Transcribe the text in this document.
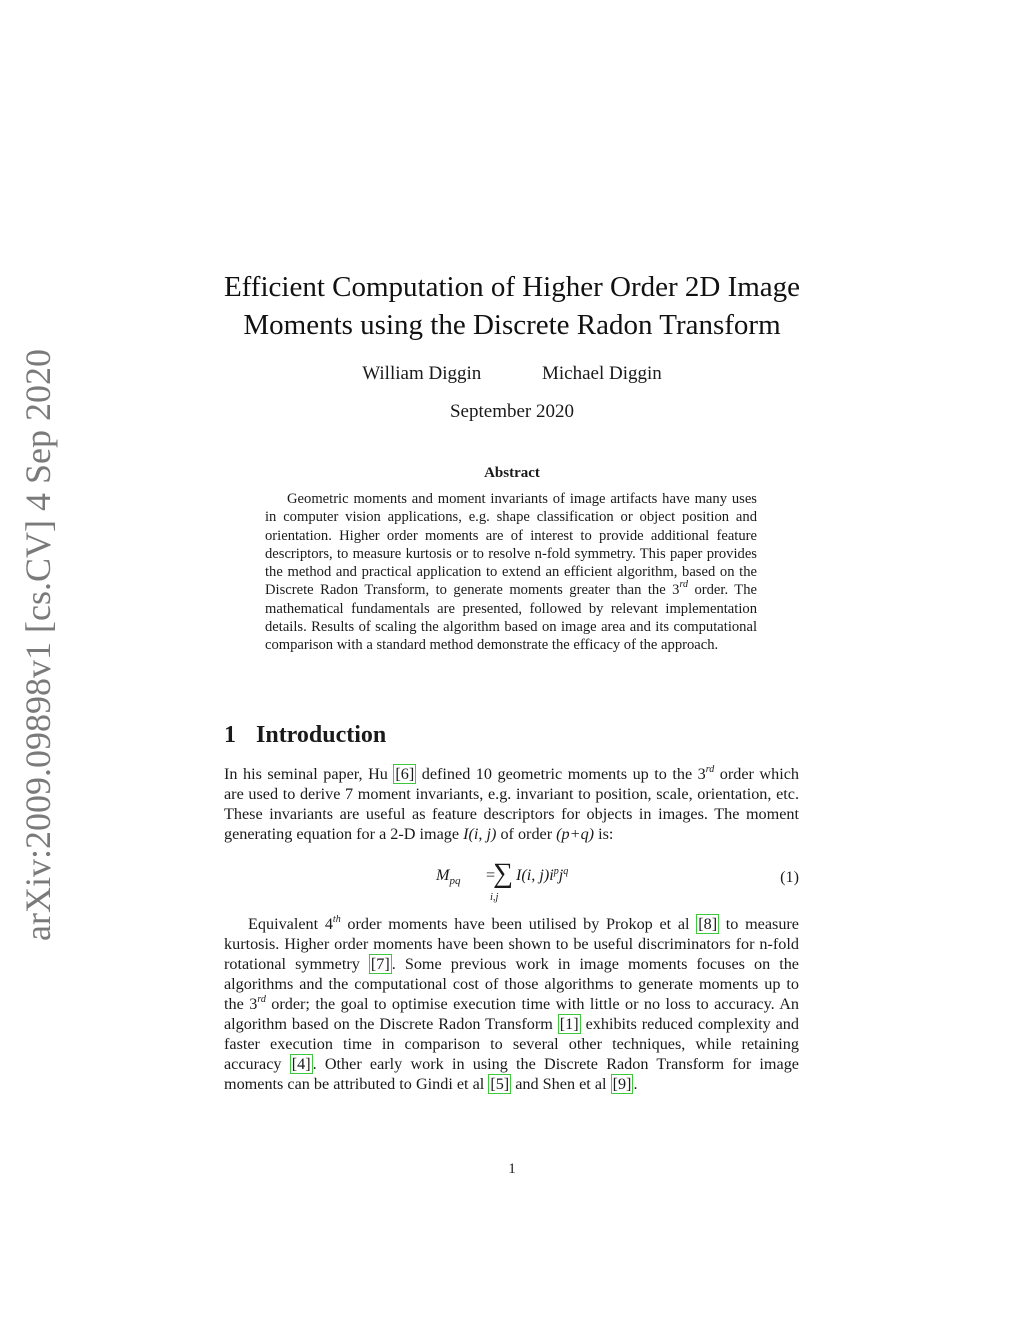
arXiv:2009.09898v1 [cs.CV] 4 Sep 2020
Efficient Computation of Higher Order 2D Image
Moments using the Discrete Radon Transform
William Diggin	Michael Diggin
September 2020
Abstract
Geometric moments and moment invariants of image artifacts have many uses in computer vision applications, e.g. shape classification or object position and orientation. Higher order moments are of interest to provide additional feature descriptors, to measure kurtosis or to resolve n-fold symmetry. This paper provides the method and practical application to extend an efficient algorithm, based on the Discrete Radon Transform, to generate moments greater than the 3rd order. The mathematical fundamentals are presented, followed by relevant implementation details. Results of scaling the algorithm based on image area and its computational comparison with a standard method demonstrate the efficacy of the approach.
1 Introduction
In his seminal paper, Hu [6] defined 10 geometric moments up to the 3rd order which are used to derive 7 moment invariants, e.g. invariant to position, scale, orientation, etc. These invariants are useful as feature descriptors for objects in images. The moment generating equation for a 2-D image I(i, j) of order (p+q) is:
$M_{pq}$ =
∑
i,j
I(i, $j)i^pj^q$	(1)
Equivalent 4th order moments have been utilised by Prokop et al [8] to measure kurtosis. Higher order moments have been shown to be useful discriminators for n-fold rotational symmetry [7] . Some previous work in image moments focuses on the algorithms and the computational cost of those algorithms to generate moments up to the 3rd order; the goal to optimise execution time with little or no loss to accuracy. An algorithm based on the Discrete Radon Transform [1] exhibits reduced complexity and faster execution time in comparison to several other techniques, while retaining accuracy [4] . Other early work in using the Discrete Radon Transform for image moments can be attributed to Gindi et al [5] and Shen et al [9] .
1
